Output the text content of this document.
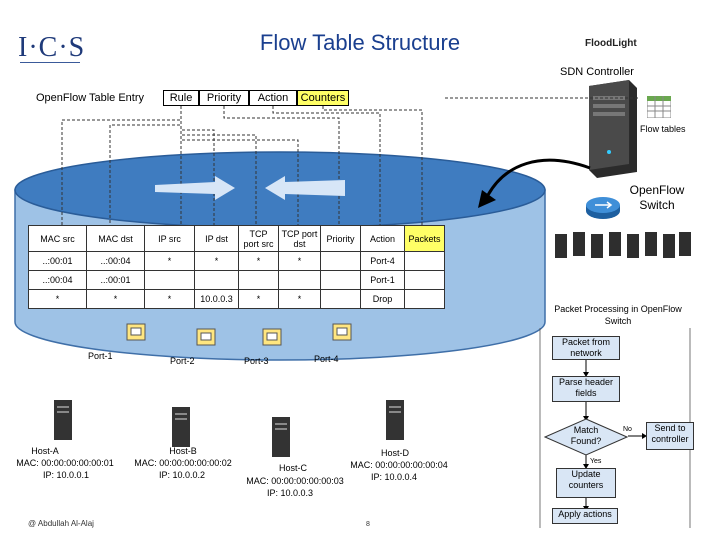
I·C·S	Flow Table Structure	FloodLight
SDN Controller
Flow tables
OpenFlow Table Entry	Rule	Priority	Action	Counters
OpenFlow Switch
MAC src	MAC dst	IP src	IP dst	TCP port src	TCP port dst	Priority	Action	Packets
..:00:01	..:00:04	*	*	*	*		Port-4	
..:00:04	..:00:01						Port-1	
*	*	*	10.0.0.3	*	*		Drop	
Port-1	Port-2	Port-3	Port-4
Host-A
MAC: 00:00:00:00:00:01
IP: 10.0.0.1
Host-B
MAC: 00:00:00:00:00:02
IP: 10.0.0.2
Host-C
MAC: 00:00:00:00:00:03
IP: 10.0.0.3
Host-D
MAC: 00:00:00:00:00:04
IP: 10.0.0.4
Packet Processing in OpenFlow Switch
Packet from network
Parse header fields
Match Found?
No
Yes
Send to controller
Update counters
Apply actions
@ Abdullah Al-Alaj	8
